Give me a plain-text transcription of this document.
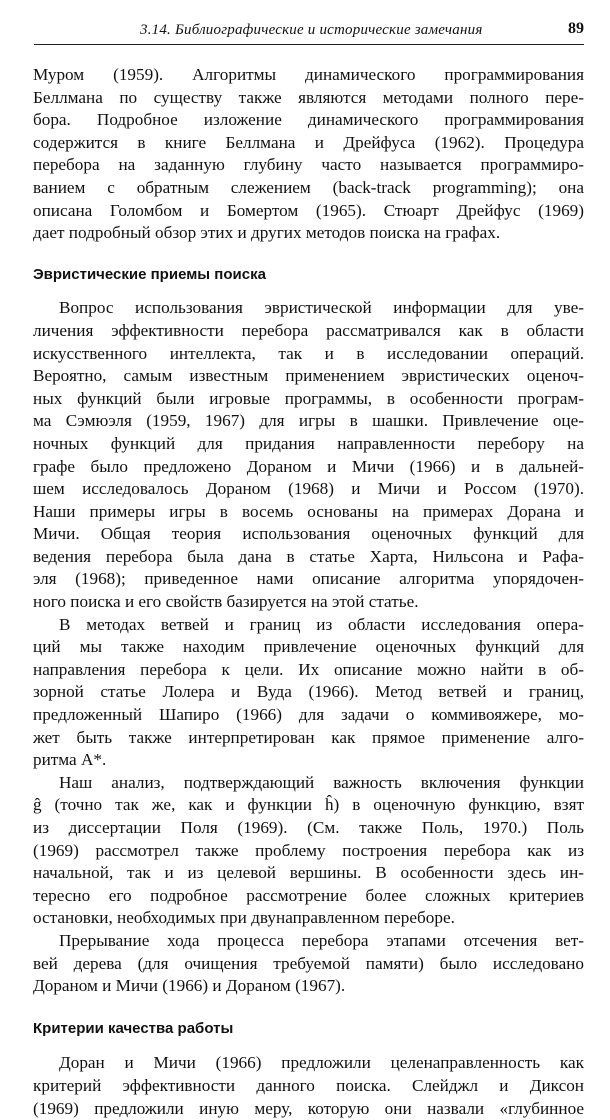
3.14. Библиографические и исторические замечания	89
Муром (1959). Алгоритмы динамического программирования
Беллмана по существу также являются методами полного пере-
бора. Подробное изложение динамического программирования
содержится в книге Беллмана и Дрейфуса (1962). Процедура
перебора на заданную глубину часто называется программиро-
ванием с обратным слежением (back-track programming); она
описана Голомбом и Бомертом (1965). Стюарт Дрейфус (1969)
дает подробный обзор этих и других методов поиска на графах.
Эвристические приемы поиска
Вопрос использования эвристической информации для уве-
личения эффективности перебора рассматривался как в области
искусственного интеллекта, так и в исследовании операций.
Вероятно, самым известным применением эвристических оценоч-
ных функций были игровые программы, в особенности програм-
ма Сэмюэля (1959, 1967) для игры в шашки. Привлечение оце-
ночных функций для придания направленности перебору на
графе было предложено Дораном и Мичи (1966) и в дальней-
шем исследовалось Дораном (1968) и Мичи и Россом (1970).
Наши примеры игры в восемь основаны на примерах Дорана и
Мичи. Общая теория использования оценочных функций для
ведения перебора была дана в статье Харта, Нильсона и Рафа-
эля (1968); приведенное нами описание алгоритма упорядочен-
ного поиска и его свойств базируется на этой статье.
В методах ветвей и границ из области исследования опера-
ций мы также находим привлечение оценочных функций для
направления перебора к цели. Их описание можно найти в об-
зорной статье Лолера и Вуда (1966). Метод ветвей и границ,
предложенный Шапиро (1966) для задачи о коммивояжере, мо-
жет быть также интерпретирован как прямое применение алго-
ритма A*.
Наш анализ, подтверждающий важность включения функции
ĝ (точно так же, как и функции ĥ) в оценочную функцию, взят
из диссертации Поля (1969). (См. также Поль, 1970.) Поль
(1969) рассмотрел также проблему построения перебора как из
начальной, так и из целевой вершины. В особенности здесь ин-
тересно его подробное рассмотрение более сложных критериев
остановки, необходимых при двунаправленном переборе.
Прерывание хода процесса перебора этапами отсечения вет-
вей дерева (для очищения требуемой памяти) было исследовано
Дораном и Мичи (1966) и Дораном (1967).
Критерии качества работы
Доран и Мичи (1966) предложили целенаправленность как
критерий эффективности данного поиска. Слейджл и Диксон
(1969) предложили иную меру, которую они назвали «глубинное
